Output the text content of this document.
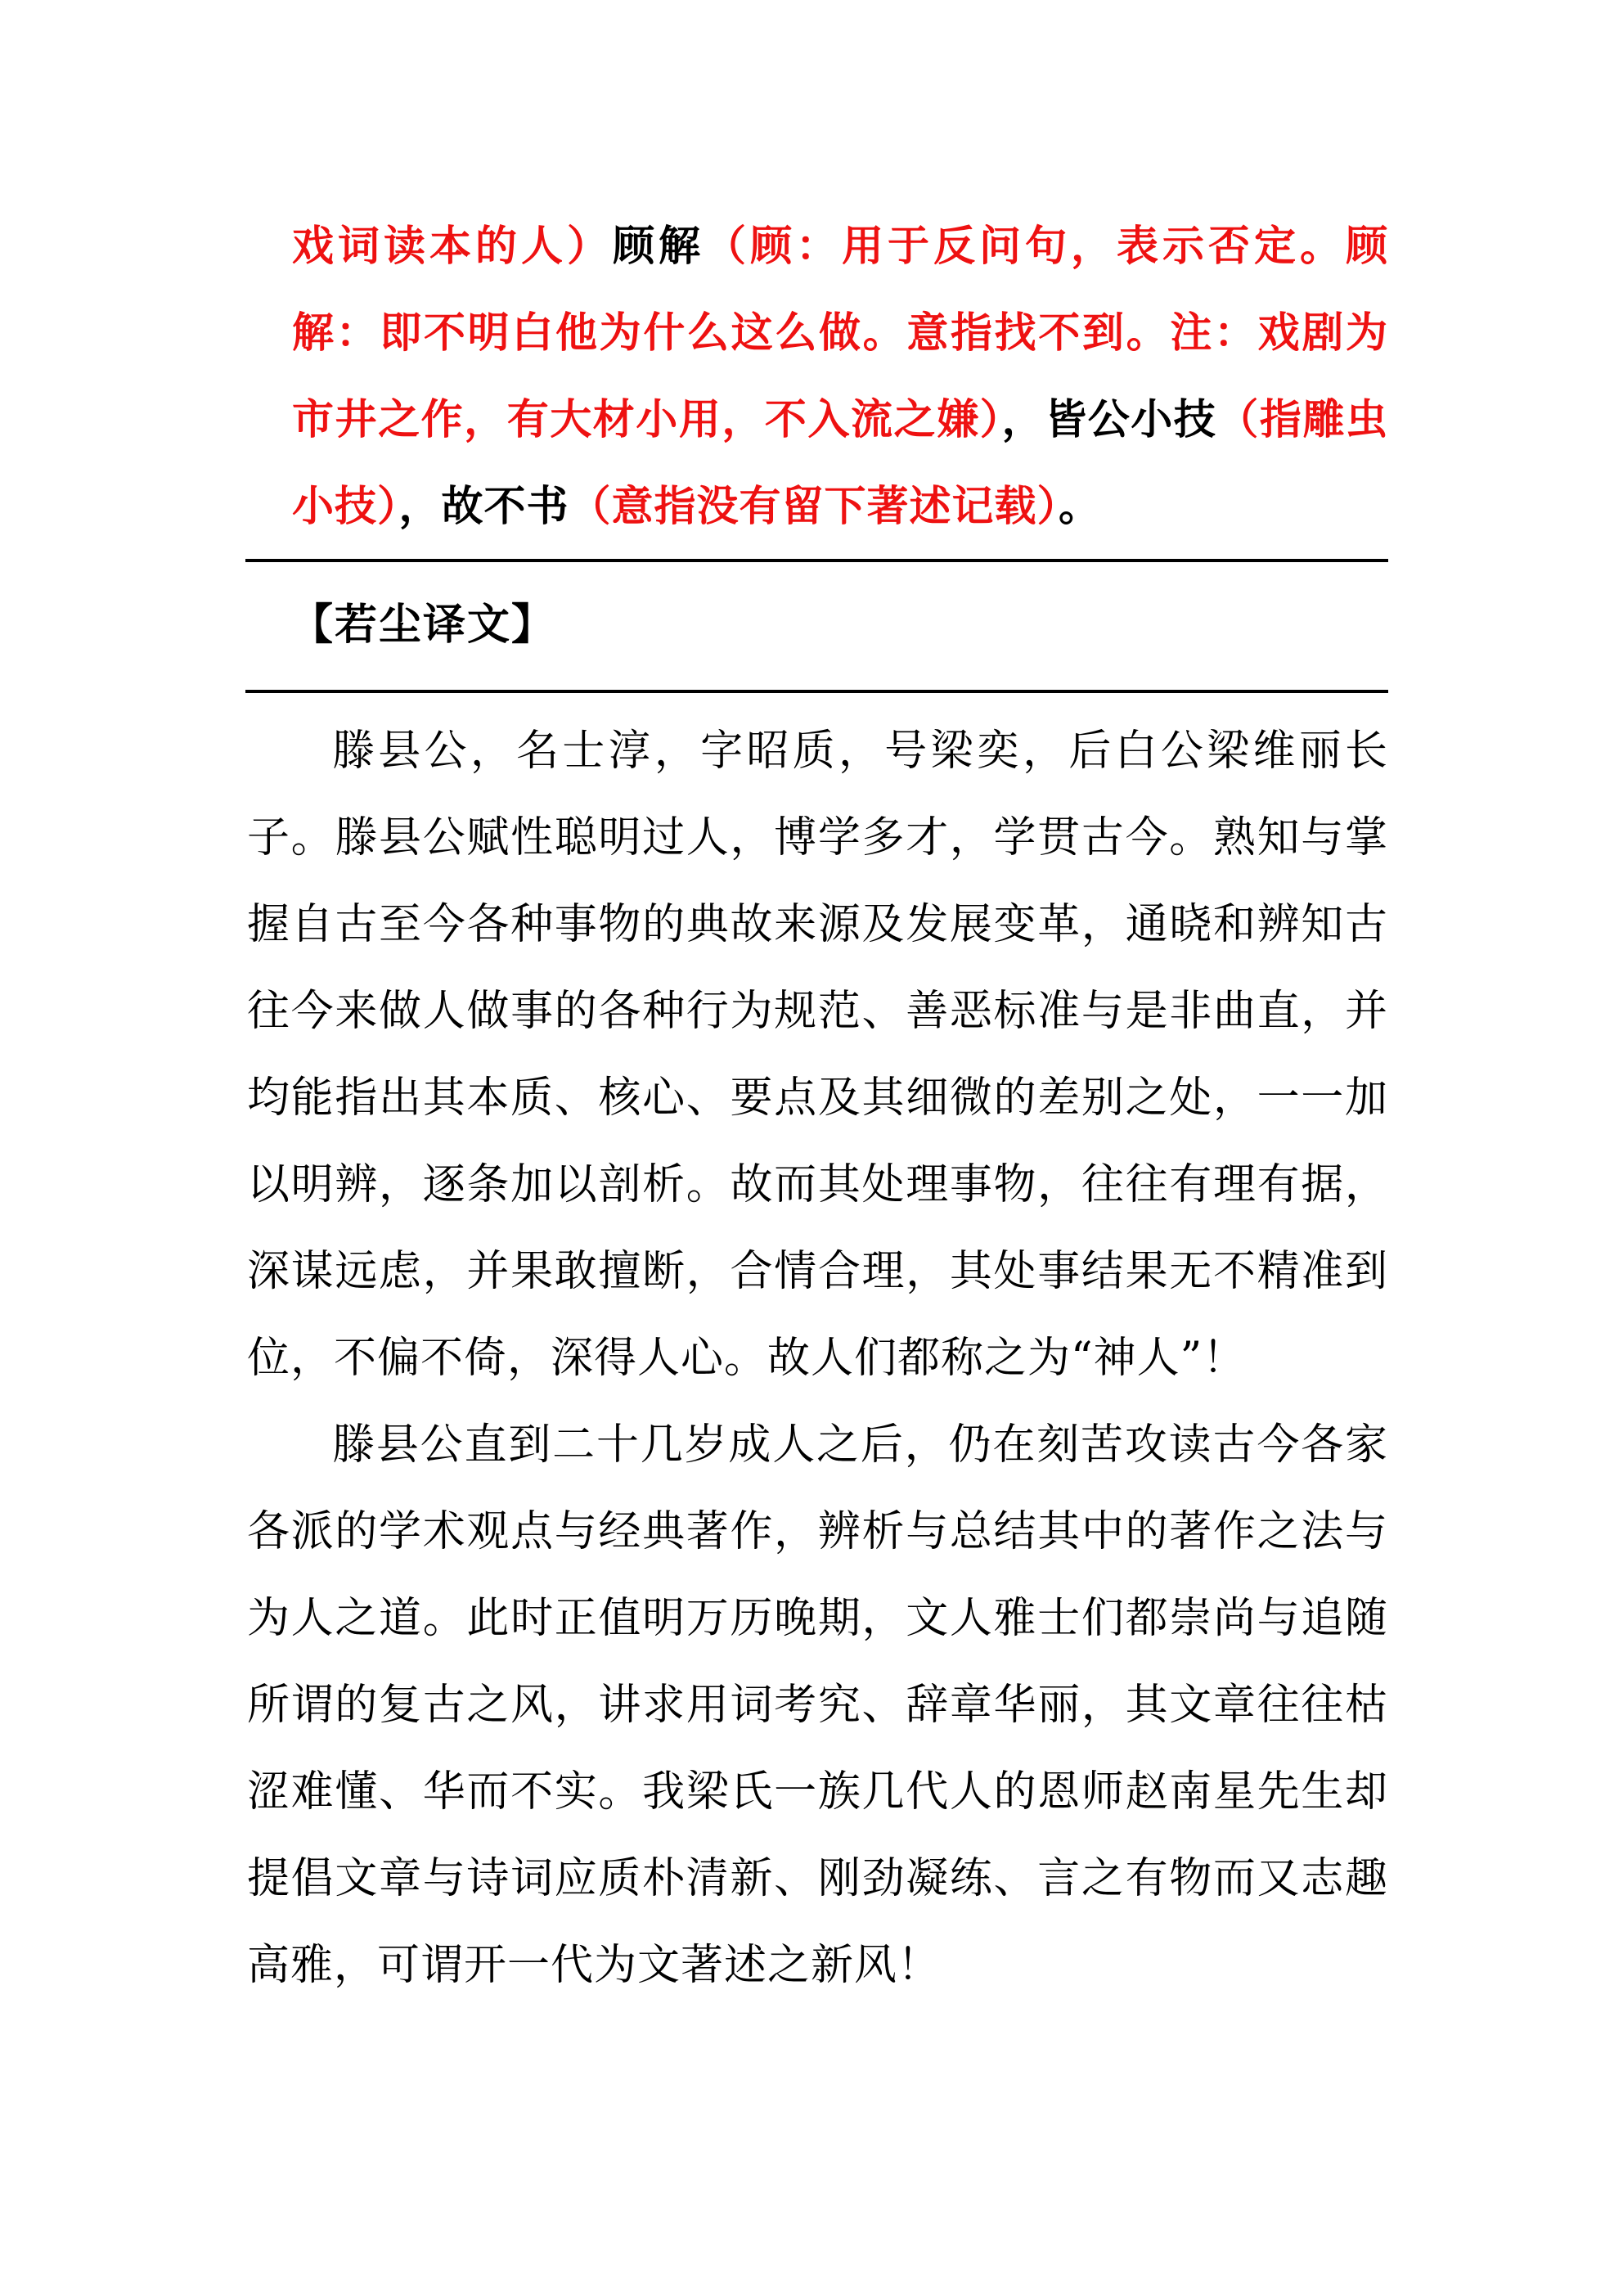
戏词读本的人）顾解（顾：用于反问句，表示否定。顾解：即不明白他为什么这么做。意指找不到。注：戏剧为市井之作，有大材小用，不入流之嫌），皆公小技（指雕虫小技），故不书（意指没有留下著述记载）。
【若尘译文】

滕县公，名士淳，字昭质，号梁奕，后白公梁维丽长子。滕县公赋性聪明过人，博学多才，学贯古今。熟知与掌握自古至今各种事物的典故来源及发展变革，通晓和辨知古往今来做人做事的各种行为规范、善恶标准与是非曲直，并均能指出其本质、核心、要点及其细微的差别之处，一一加以明辨，逐条加以剖析。故而其处理事物，往往有理有据，深谋远虑，并果敢擅断，合情合理，其处事结果无不精准到位，不偏不倚，深得人心。故人们都称之为“神人”！

滕县公直到二十几岁成人之后，仍在刻苦攻读古今各家各派的学术观点与经典著作，辨析与总结其中的著作之法与为人之道。此时正值明万历晚期，文人雅士们都崇尚与追随所谓的复古之风，讲求用词考究、辞章华丽，其文章往往枯涩难懂、华而不实。我梁氏一族几代人的恩师赵南星先生却提倡文章与诗词应质朴清新、刚劲凝练、言之有物而又志趣高雅，可谓开一代为文著述之新风！
